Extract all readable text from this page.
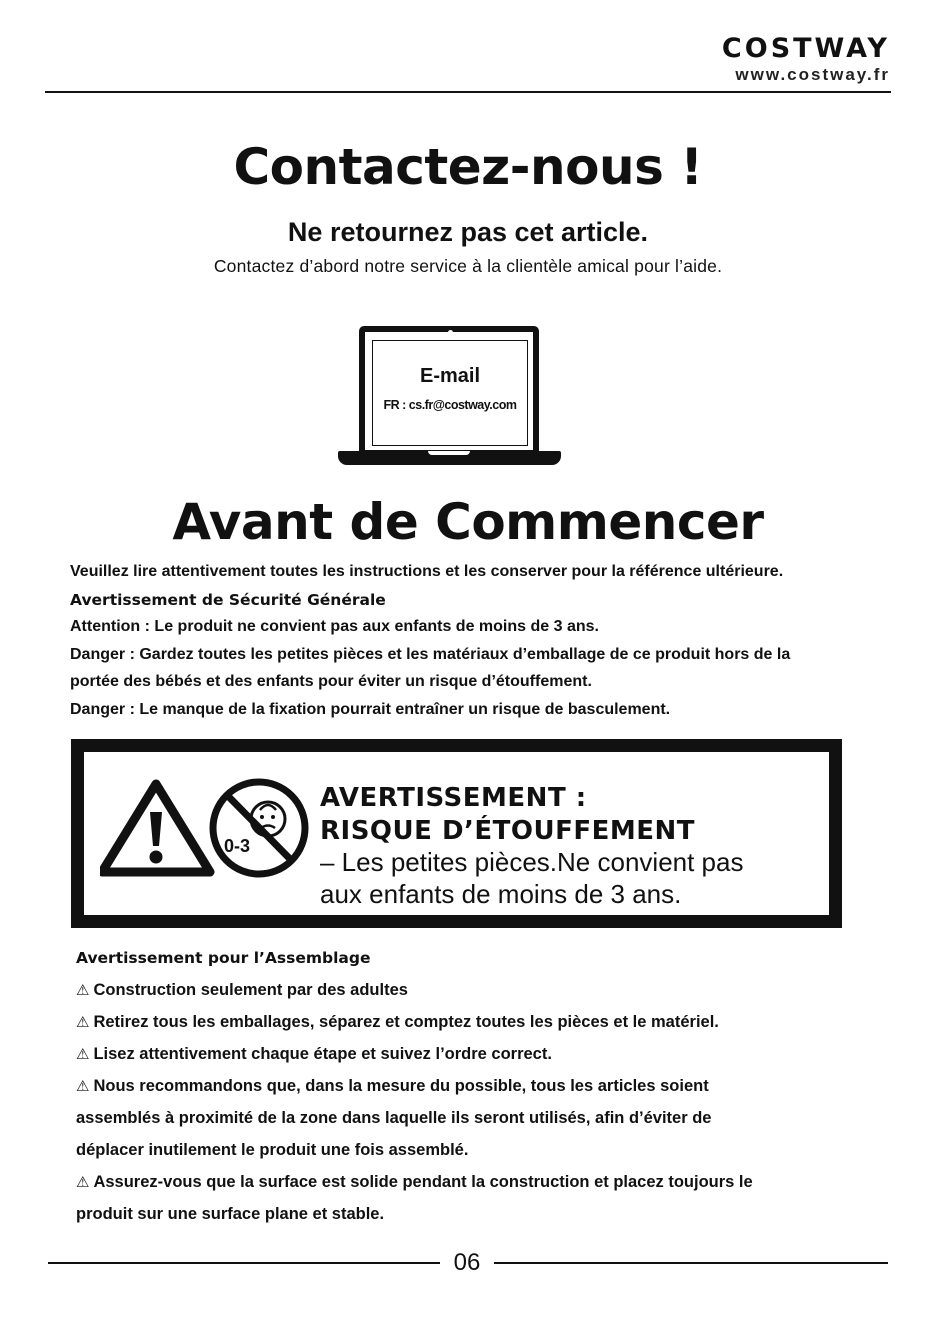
COSTWAY
www.costway.fr
Contactez-nous !
Ne retournez pas cet article.
Contactez d’abord notre service à la clientèle amical pour l’aide.
E-mail
FR : cs.fr@costway.com
Avant de Commencer
Veuillez lire attentivement toutes les instructions et les conserver pour la référence ultérieure.
Avertissement de Sécurité Générale
Attention : Le produit ne convient pas aux enfants de moins de 3 ans.
Danger : Gardez toutes les petites pièces et les matériaux d’emballage de ce produit hors de la
portée des bébés et des enfants pour éviter un risque d’étouffement.
Danger : Le manque de la fixation pourrait entraîner un risque de basculement.
0-3
AVERTISSEMENT :
RISQUE D’ÉTOUFFEMENT
– Les petites pièces.Ne convient pas
aux enfants de moins de 3 ans.
Avertissement pour l’Assemblage
⚠ Construction seulement par des adultes
⚠ Retirez tous les emballages, séparez et comptez toutes les pièces et le matériel.
⚠ Lisez attentivement chaque étape et suivez l’ordre correct.
⚠ Nous recommandons que, dans la mesure du possible, tous les articles soient
assemblés à proximité de la zone dans laquelle ils seront utilisés, afin d’éviter de
déplacer inutilement le produit une fois assemblé.
⚠ Assurez-vous que la surface est solide pendant la construction et placez toujours le
produit sur une surface plane et stable.
06
